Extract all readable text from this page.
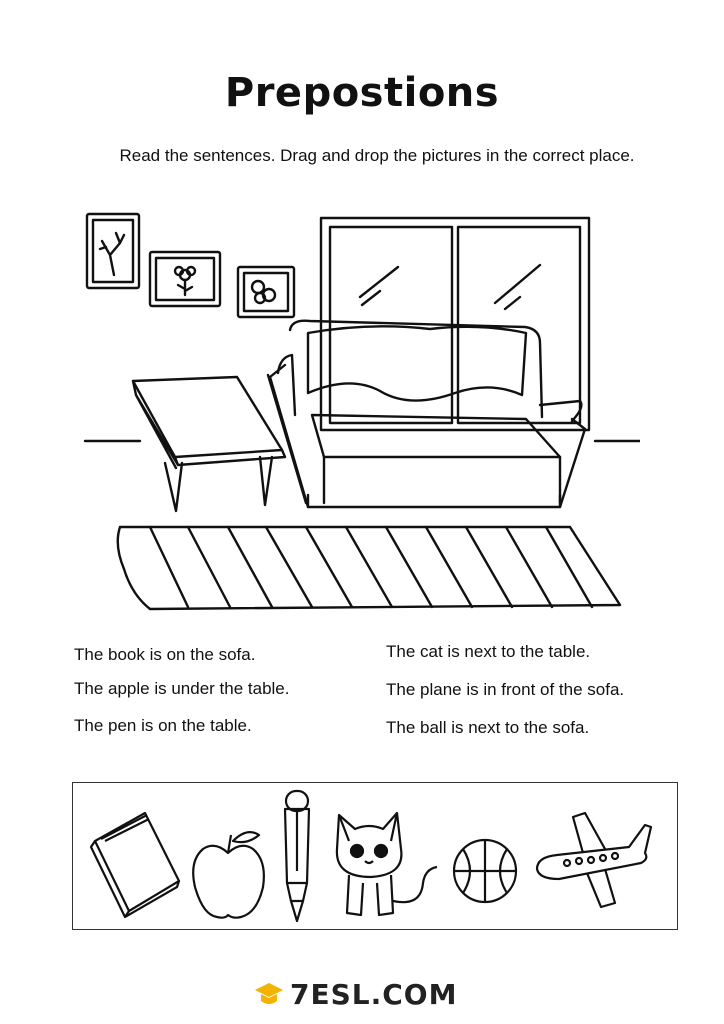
Prepostions
Read the sentences. Drag and drop the pictures in the correct place.
The book is on the sofa.
The apple is under the table.
The pen is on the table.
The cat is next to the table.
The plane is in front of the sofa.
The ball is next to the sofa.
7ESL.COM
